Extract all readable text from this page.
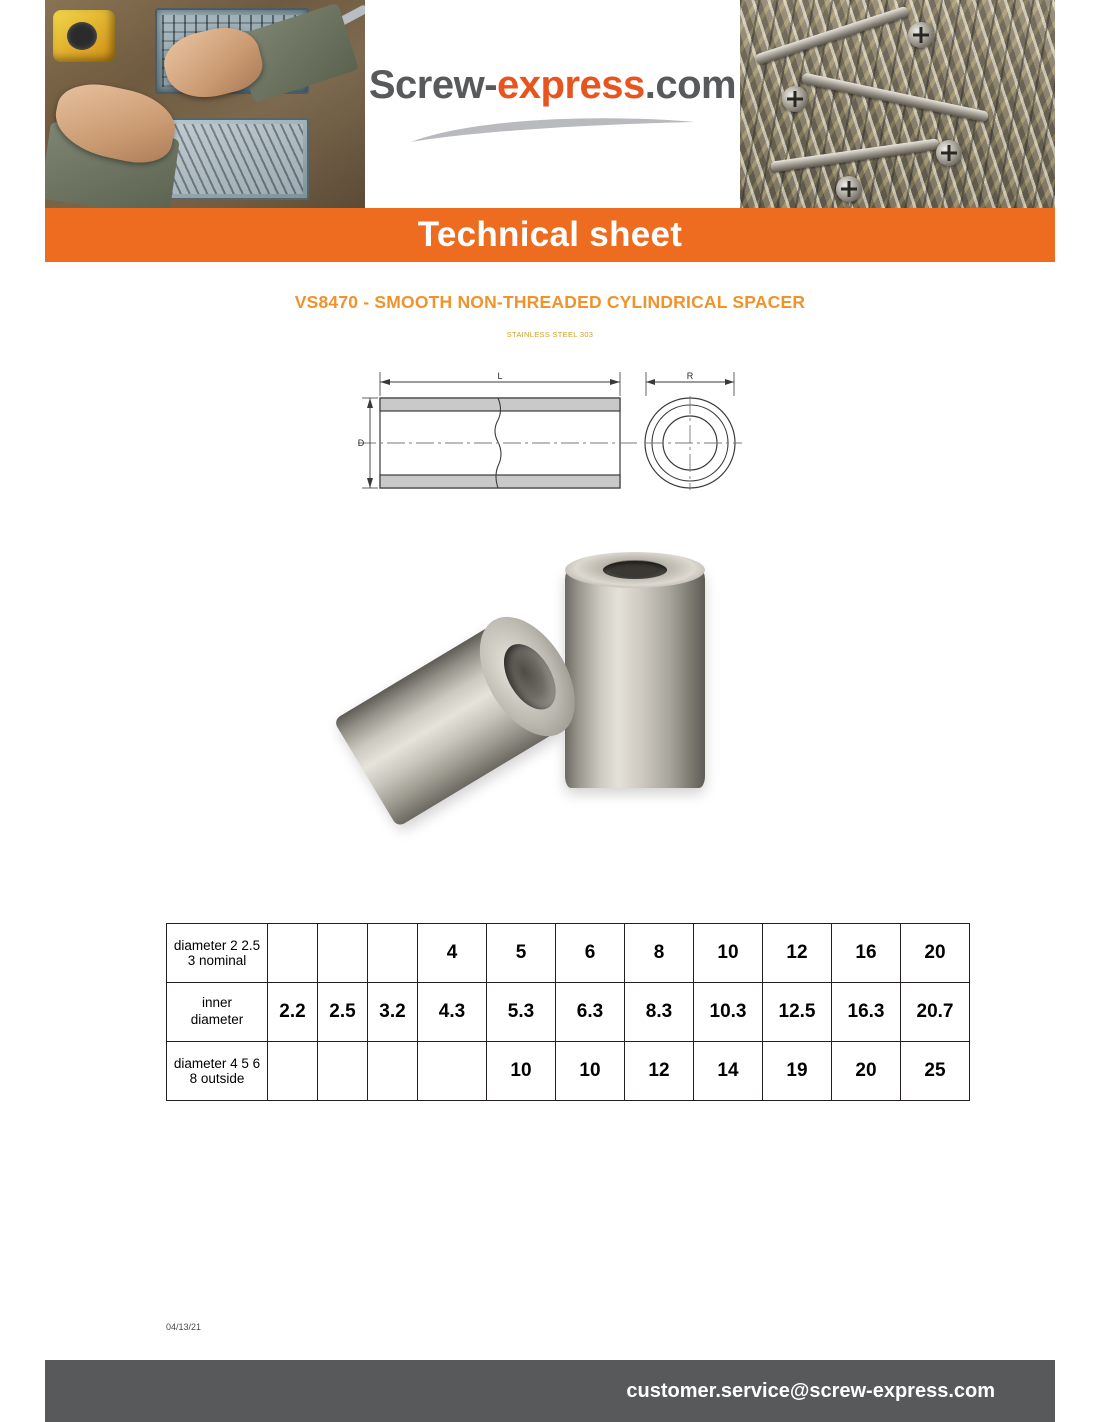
Screw-express.com
Technical sheet
VS8470 - SMOOTH NON-THREADED CYLINDRICAL SPACER
STAINLESS STEEL 303
L
D
R
diameter 2 2.5 3 nominal				4	5	6	8	10	12	16	20
inner
diameter	2.2	2.5	3.2	4.3	5.3	6.3	8.3	10.3	12.5	16.3	20.7
diameter 4 5 6 8 outside					10	10	12	14	19	20	25
04/13/21
customer.service@screw-express.com
